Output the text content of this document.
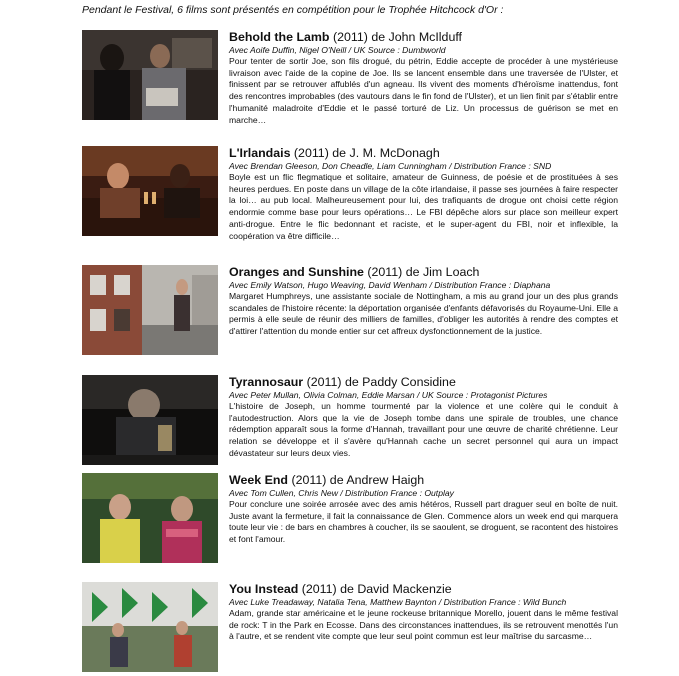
Pendant le Festival, 6 films sont présentés en compétition pour le Trophée Hitchcock d'Or :

Behold the Lamb (2011) de John McIlduff

Avec Aoife Duffin, Nigel O'Neill / UK Source : Dumbworld

Pour tenter de sortir Joe, son fils drogué, du pétrin, Eddie accepte de procéder à une mystérieuse livraison avec l'aide de la copine de Joe. Ils se lancent ensemble dans une traversée de l'Ulster, et finissent par se retrouver affublés d'un agneau. Ils vivent des moments d'héroïsme inattendus, font des rencontres improbables (des vautours dans le fin fond de l'Ulster), et un lien finit par s'établir entre l'humanité maladroite d'Eddie et le passé torturé de Liz. Un processus de guérison se met en marche…

L'Irlandais (2011) de J. M. McDonagh

Avec Brendan Gleeson, Don Cheadle, Liam Cunningham / Distribution France : SND

Boyle est un flic flegmatique et solitaire, amateur de Guinness, de poésie et de prostituées à ses heures perdues. En poste dans un village de la côte irlandaise, il passe ses journées à faire respecter la loi… au pub local. Malheureusement pour lui, des trafiquants de drogue ont choisi cette région endormie comme base pour leurs opérations… Le FBI dépêche alors sur place son meilleur expert anti-drogue. Entre le flic bedonnant et raciste, et le super-agent du FBI, noir et inflexible, la coopération va être difficile…

Oranges and Sunshine (2011) de Jim Loach

Avec Emily Watson, Hugo Weaving, David Wenham / Distribution France : Diaphana

Margaret Humphreys, une assistante sociale de Nottingham, a mis au grand jour un des plus grands scandales de l'histoire récente: la déportation organisée d'enfants défavorisés du Royaume-Uni. Elle a permis à elle seule de réunir des milliers de familles, d'obliger les autorités à rendre des comptes et d'attirer l'attention du monde entier sur cet affreux dysfonctionnement de la justice.

Tyrannosaur (2011) de Paddy Considine

Avec Peter Mullan, Olivia Colman, Eddie Marsan / UK Source : Protagonist Pictures

L'histoire de Joseph, un homme tourmenté par la violence et une colère qui le conduit à l'autodestruction. Alors que la vie de Joseph tombe dans une spirale de troubles, une chance rédemption apparaît sous la forme d'Hannah, travaillant pour une œuvre de charité chrétienne. Leur relation se développe et il s'avère qu'Hannah cache un secret personnel qui aura un impact dévastateur sur leurs deux vies.

Week End (2011) de Andrew Haigh

Avec Tom Cullen, Chris New / Distribution France : Outplay

Pour conclure une soirée arrosée avec des amis hétéros, Russell part draguer seul en boîte de nuit. Juste avant la fermeture, il fait la connaissance de Glen. Commence alors un week end qui marquera toute leur vie : de bars en chambres à coucher, ils se saoulent, se droguent, se racontent des histoires et font l'amour.

You Instead (2011) de David Mackenzie

Avec Luke Treadaway, Natalia Tena, Matthew Baynton / Distribution France : Wild Bunch

Adam, grande star américaine et le jeune rockeuse britannique Morello, jouent dans le même festival de rock: T in the Park en Ecosse. Dans des circonstances inattendues, ils se retrouvent menottés l'un à l'autre, et se rendent vite compte que leur seul point commun est leur maîtrise du sarcasme…
